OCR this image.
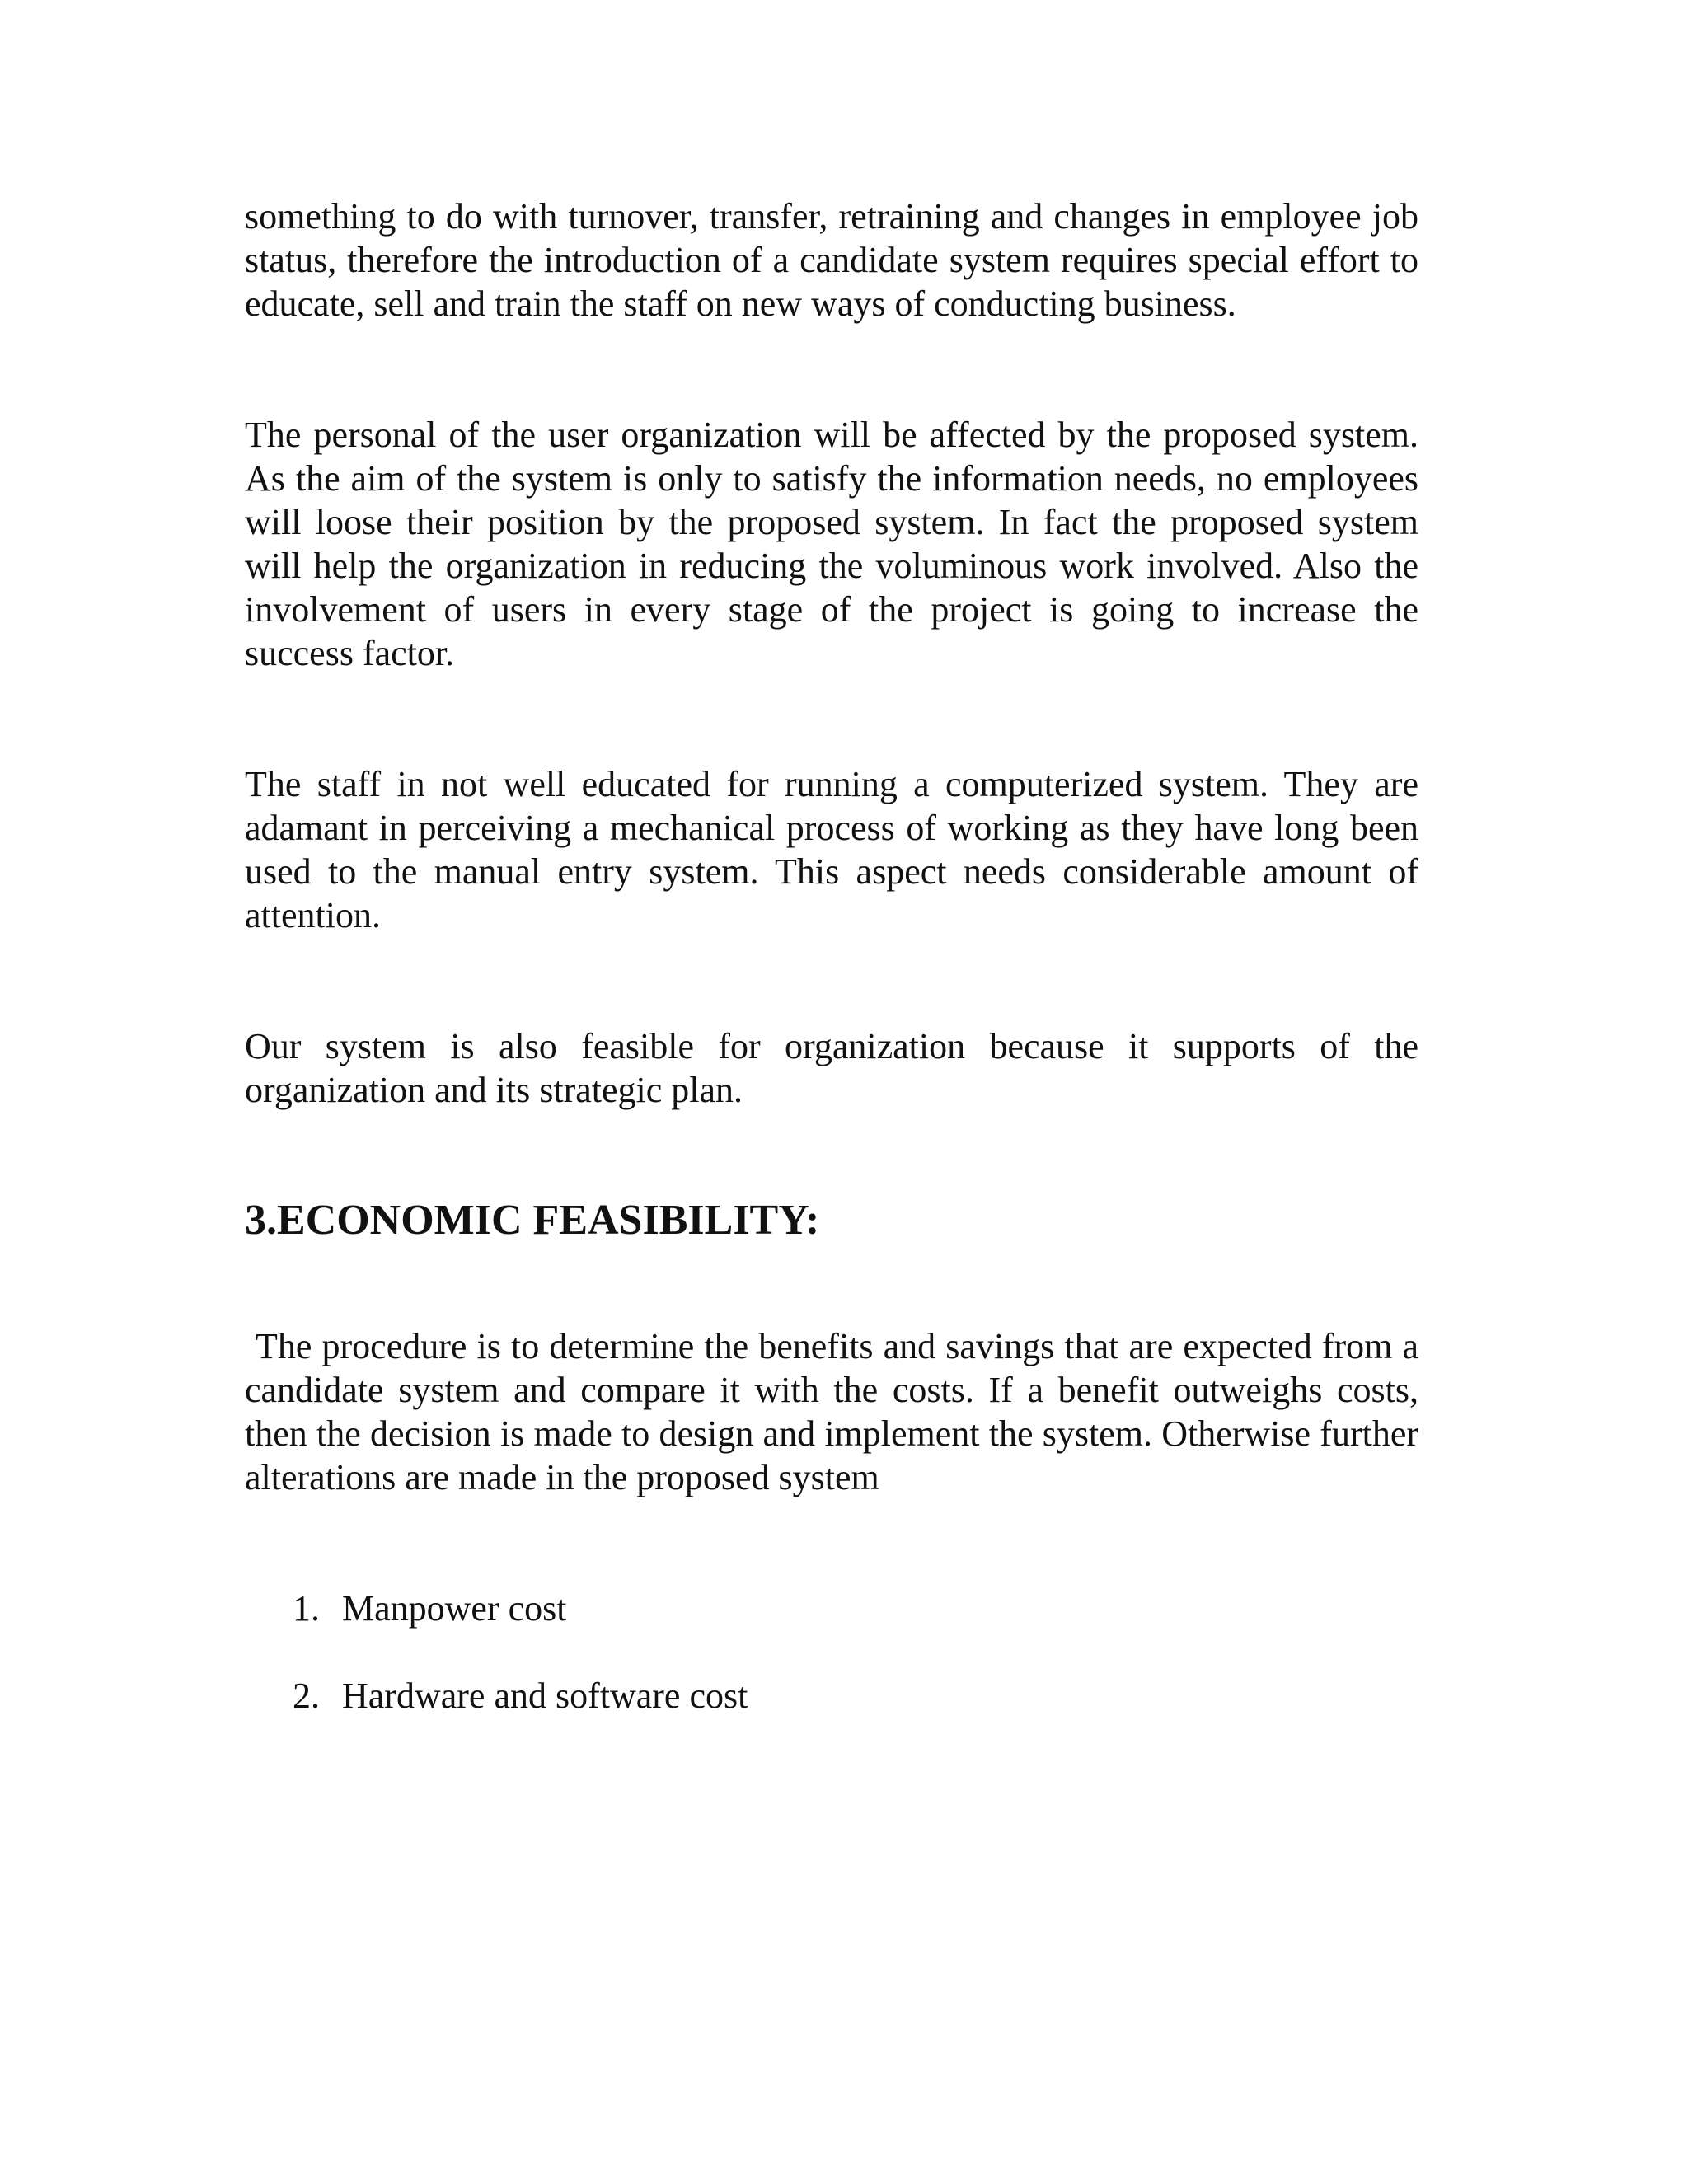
something to do with turnover, transfer, retraining and changes in employee job status, therefore the introduction of a candidate system requires special effort to educate, sell and train the staff on new ways of conducting business.

The personal of the user organization will be affected by the proposed system. As the aim of the system is only to satisfy the information needs, no employees will loose their position by the proposed system. In fact the proposed system will help the organization in reducing the voluminous work involved. Also the involvement of users in every stage of the project is going to increase the success factor.

The staff in not well educated for running a computerized system. They are adamant in perceiving a mechanical process of working as they have long been used to the manual entry system. This aspect needs considerable amount of attention.

Our system is also feasible for organization because it supports of the organization and its strategic plan.

3.ECONOMIC FEASIBILITY:

The procedure is to determine the benefits and savings that are expected from a candidate system and compare it with the costs. If a benefit outweighs costs, then the decision is made to design and implement the system. Otherwise further alterations are made in the proposed system

1. Manpower cost
2. Hardware and software cost
